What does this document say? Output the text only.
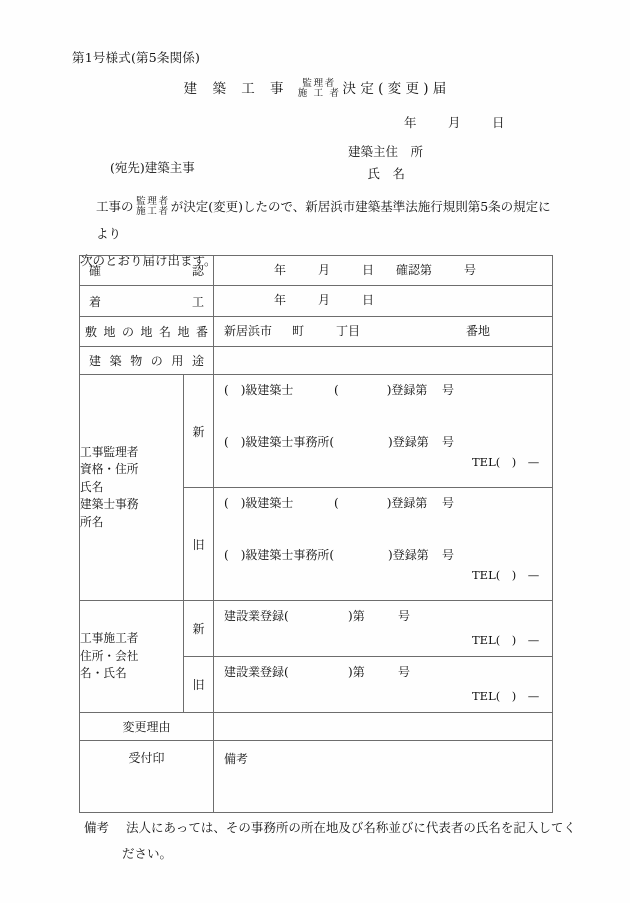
第1号様式(第5条関係)
建 築 工 事	監理者
施 工 者 決 定 ( 変 更 ) 届
年	月	日
(宛先)建築主事
建築主住　所
氏　名
工事の 監理者
施工者 が決定(変更)したので、新居浜市建築基準法施行規則第5条の規定により
次のとおり届け出ます。
確　　　　　認		年 月 日 確認第 号

着　　　　　工		年 月 日

敷 地 の 地 名 地 番		新居浜市 町 丁目 番地

建 築 物 の 用 途		

工事監理者
資格・住所
氏名
建築士事務
所名	新	
(　)級建築士	(　　　　)登録第 号
(　)級建築士事務所(	　)登録第 号
TEL(　)　—

	旧	(　)級建築士 (　　　　)登録第 号
(　)級建築士事務所( 　)登録第 号
TEL(　)　—

工事施工者
住所・会社
名・氏名	新	
建設業登録(	　)第	号
TEL(　)　—

	旧	建設業登録( 　)第 号
TEL(　)　—

変更理由		
受付印		備考
備考 法人にあっては、その事務所の所在地及び名称並びに代表者の氏名を記入してく
ださい。
